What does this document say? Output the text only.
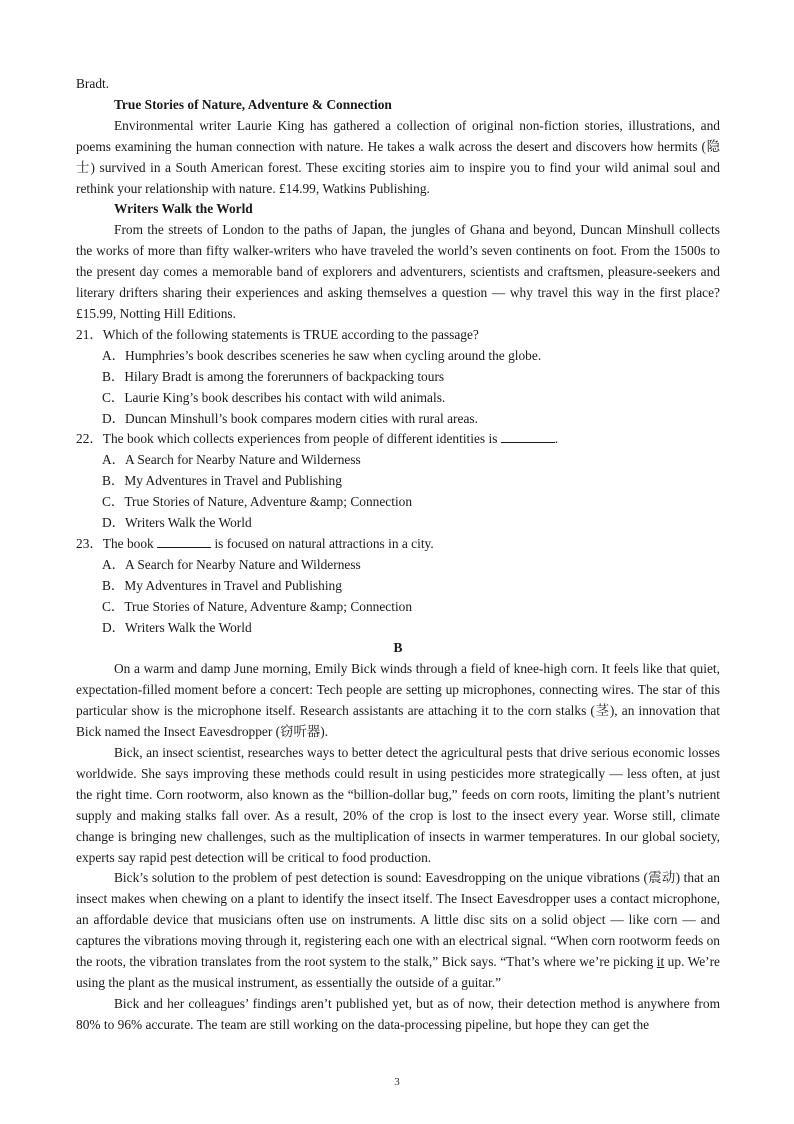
Bradt.

True Stories of Nature, Adventure & Connection

Environmental writer Laurie King has gathered a collection of original non-fiction stories, illustrations, and poems examining the human connection with nature. He takes a walk across the desert and discovers how hermits (隐士) survived in a South American forest. These exciting stories aim to inspire you to find your wild animal soul and rethink your relationship with nature. £14.99, Watkins Publishing.

Writers Walk the World

From the streets of London to the paths of Japan, the jungles of Ghana and beyond, Duncan Minshull collects the works of more than fifty walker-writers who have traveled the world’s seven continents on foot. From the 1500s to the present day comes a memorable band of explorers and adventurers, scientists and craftsmen, pleasure-seekers and literary drifters sharing their experiences and asking themselves a question — why travel this way in the first place? £15.99, Notting Hill Editions.

21．Which of the following statements is TRUE according to the passage?

A．Humphries’s book describes sceneries he saw when cycling around the globe.

B．Hilary Bradt is among the forerunners of backpacking tours

C．Laurie King’s book describes his contact with wild animals.

D．Duncan Minshull’s book compares modern cities with rural areas.

22．The book which collects experiences from people of different identities is	.

A．A Search for Nearby Nature and Wilderness

B．My Adventures in Travel and Publishing

C．True Stories of Nature, Adventure &amp; Connection

D．Writers Walk the World

23．The book	is focused on natural attractions in a city.

A．A Search for Nearby Nature and Wilderness

B．My Adventures in Travel and Publishing

C．True Stories of Nature, Adventure &amp; Connection

D．Writers Walk the World

B

On a warm and damp June morning, Emily Bick winds through a field of knee-high corn. It feels like that quiet, expectation-filled moment before a concert: Tech people are setting up microphones, connecting wires. The star of this particular show is the microphone itself. Research assistants are attaching it to the corn stalks (茎), an innovation that Bick named the Insect Eavesdropper (窃听器).

Bick, an insect scientist, researches ways to better detect the agricultural pests that drive serious economic losses worldwide. She says improving these methods could result in using pesticides more strategically — less often, at just the right time. Corn rootworm, also known as the “billion-dollar bug,” feeds on corn roots, limiting the plant’s nutrient supply and making stalks fall over. As a result, 20% of the crop is lost to the insect every year. Worse still, climate change is bringing new challenges, such as the multiplication of insects in warmer temperatures. In our global society, experts say rapid pest detection will be critical to food production.

Bick’s solution to the problem of pest detection is sound: Eavesdropping on the unique vibrations (震动) that an insect makes when chewing on a plant to identify the insect itself. The Insect Eavesdropper uses a contact microphone, an affordable device that musicians often use on instruments. A little disc sits on a solid object — like corn — and captures the vibrations moving through it, registering each one with an electrical signal. “When corn rootworm feeds on the roots, the vibration translates from the root system to the stalk,” Bick says. “That’s where we’re picking it up. We’re using the plant as the musical instrument, as essentially the outside of a guitar.”

Bick and her colleagues’ findings aren’t published yet, but as of now, their detection method is anywhere from 80% to 96% accurate. The team are still working on the data-processing pipeline, but hope they can get the

3
